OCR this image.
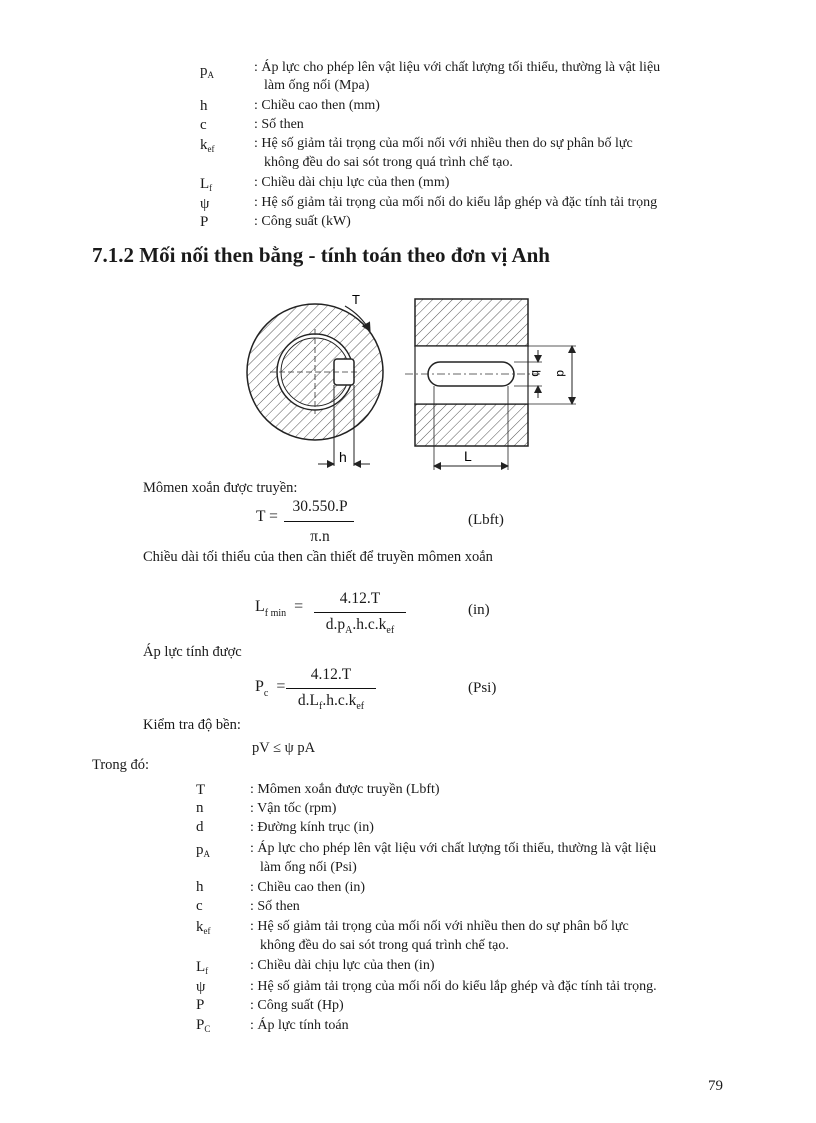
$p_A$	: Áp lực cho phép lên vật liệu với chất lượng tối thiểu, thường là vật liệu
làm ống nối (Mpa)
h	: Chiều cao then (mm)
c	: Số then
$k_{ef}$	: Hệ số giảm tải trọng của mối nối với nhiều then do sự phân bố lực
không đều do sai sót trong quá trình chế tạo.
$L_f$	: Chiều dài chịu lực của then (mm)
ψ	: Hệ số giảm tải trọng của mối nối do kiểu lắp ghép và đặc tính tải trọng
P	: Công suất (kW)
7.1.2 Mối nối then bằng - tính toán theo đơn vị Anh
T
h
b d
L
Mômen xoắn được truyền:
T =
30.550.P
π.n
(Lbft)
Chiều dài tối thiểu của then cần thiết để truyền mômen xoắn
$L_{f min}$ =	4.12.T
$d.p_A.h.c.k_{ef}$
(in)
Áp lực tính được
$P_c$ =
4.12.T
$d.L_f.h.c.k_{ef}$
(Psi)
Kiểm tra độ bền:
pV ≤ ψ pA
Trong đó:
T	: Mômen xoắn được truyền (Lbft)
n	: Vận tốc (rpm)
d	: Đường kính trục (in)
$p_A$	: Áp lực cho phép lên vật liệu với chất lượng tối thiểu, thường là vật liệu
làm ống nối (Psi)
h	: Chiều cao then (in)
c	: Số then
$k_{ef}$	: Hệ số giảm tải trọng của mối nối với nhiều then do sự phân bố lực
không đều do sai sót trong quá trình chế tạo.
$L_f$	: Chiều dài chịu lực của then (in)
ψ	: Hệ số giảm tải trọng của mối nối do kiểu lắp ghép và đặc tính tải trọng.
P	: Công suất (Hp)
$P_C$	: Áp lực tính toán
79
